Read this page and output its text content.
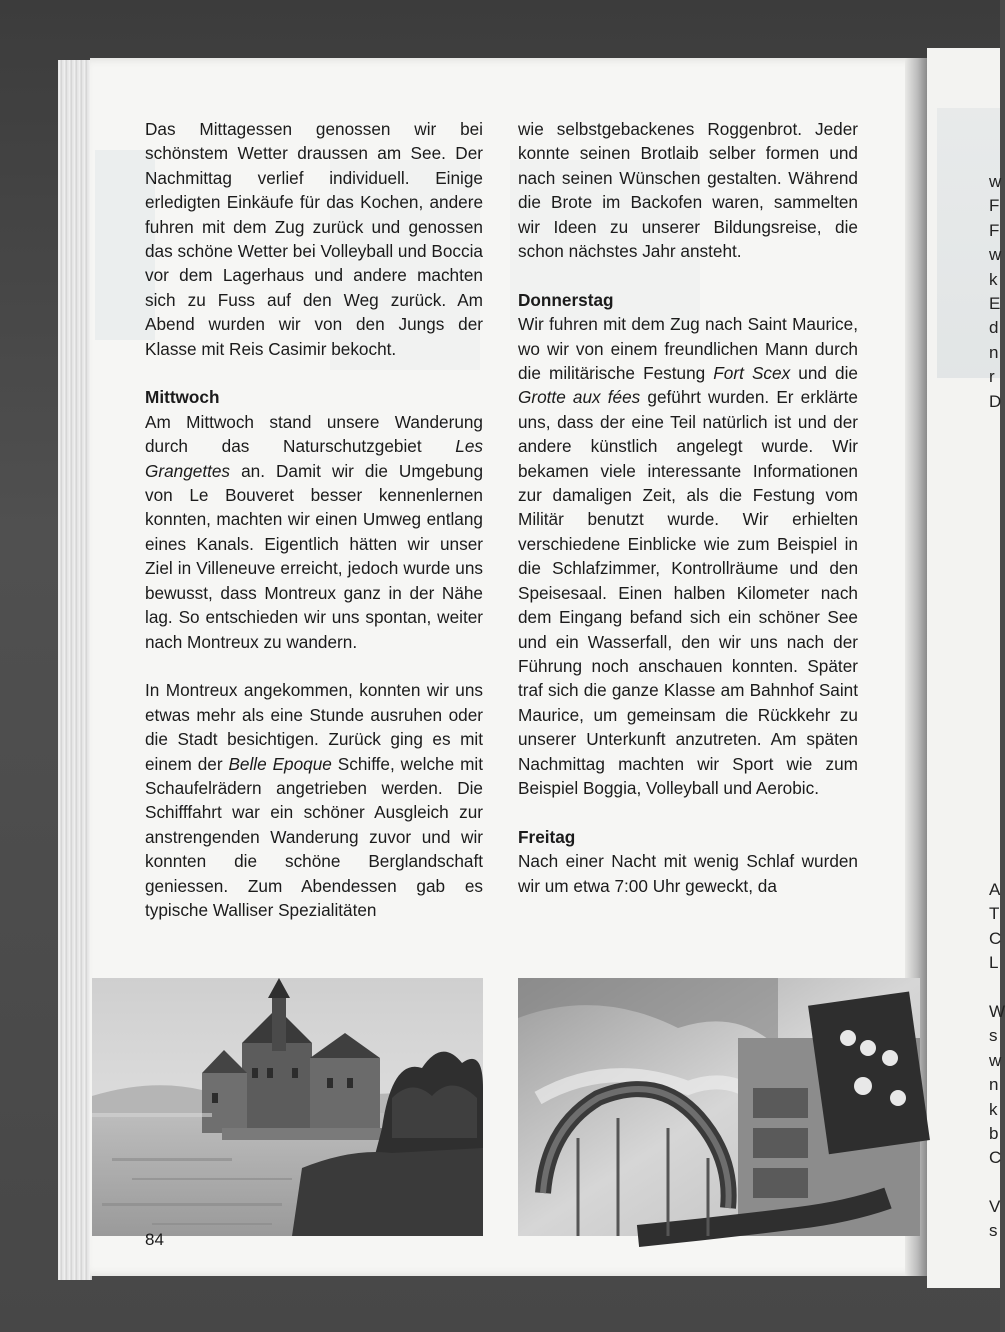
w
F
F
w
k
E
d
n
r
D
A
T
C
L
W
s
w
n
k
b
C
V
s

Das Mittagessen genossen wir bei schönstem Wetter draussen am See. Der Nachmittag verlief individuell. Einige erledigten Einkäufe für das Kochen, andere fuhren mit dem Zug zurück und genossen das schöne Wetter bei Volleyball und Boccia vor dem Lagerhaus und andere machten sich zu Fuss auf den Weg zurück. Am Abend wurden wir von den Jungs der Klasse mit Reis Casimir bekocht.

Mittwoch

Am Mittwoch stand unsere Wanderung durch das Naturschutzgebiet Les Grangettes an. Damit wir die Umgebung von Le Bouveret besser kennenlernen konnten, machten wir einen Umweg entlang eines Kanals. Eigentlich hätten wir unser Ziel in Villeneuve erreicht, jedoch wurde uns bewusst, dass Montreux ganz in der Nähe lag. So entschieden wir uns spontan, weiter nach Montreux zu wandern.

In Montreux angekommen, konnten wir uns etwas mehr als eine Stunde ausruhen oder die Stadt besichtigen. Zurück ging es mit einem der Belle Epoque Schiffe, welche mit Schaufelrädern angetrieben werden. Die Schifffahrt war ein schöner Ausgleich zur anstrengenden Wanderung zuvor und wir konnten die schöne Berglandschaft geniessen. Zum Abendessen gab es typische Walliser Spezialitäten

wie selbstgebackenes Roggenbrot. Jeder konnte seinen Brotlaib selber formen und nach seinen Wünschen gestalten. Während die Brote im Backofen waren, sammelten wir Ideen zu unserer Bildungsreise, die schon nächstes Jahr ansteht.

Donnerstag

Wir fuhren mit dem Zug nach Saint Maurice, wo wir von einem freundlichen Mann durch die militärische Festung Fort Scex und die Grotte aux fées geführt wurden. Er erklärte uns, dass der eine Teil natürlich ist und der andere künstlich angelegt wurde. Wir bekamen viele interessante Informationen zur damaligen Zeit, als die Festung vom Militär benutzt wurde. Wir erhielten verschiedene Einblicke wie zum Beispiel in die Schlafzimmer, Kontrollräume und den Speisesaal. Einen halben Kilometer nach dem Eingang befand sich ein schöner See und ein Wasserfall, den wir uns nach der Führung noch anschauen konnten. Später traf sich die ganze Klasse am Bahnhof Saint Maurice, um gemeinsam die Rückkehr zu unserer Unterkunft anzutreten. Am späten Nachmittag machten wir Sport wie zum Beispiel Boggia, Volleyball und Aerobic.

Freitag

Nach einer Nacht mit wenig Schlaf wurden wir um etwa 7:00 Uhr geweckt, da

84
